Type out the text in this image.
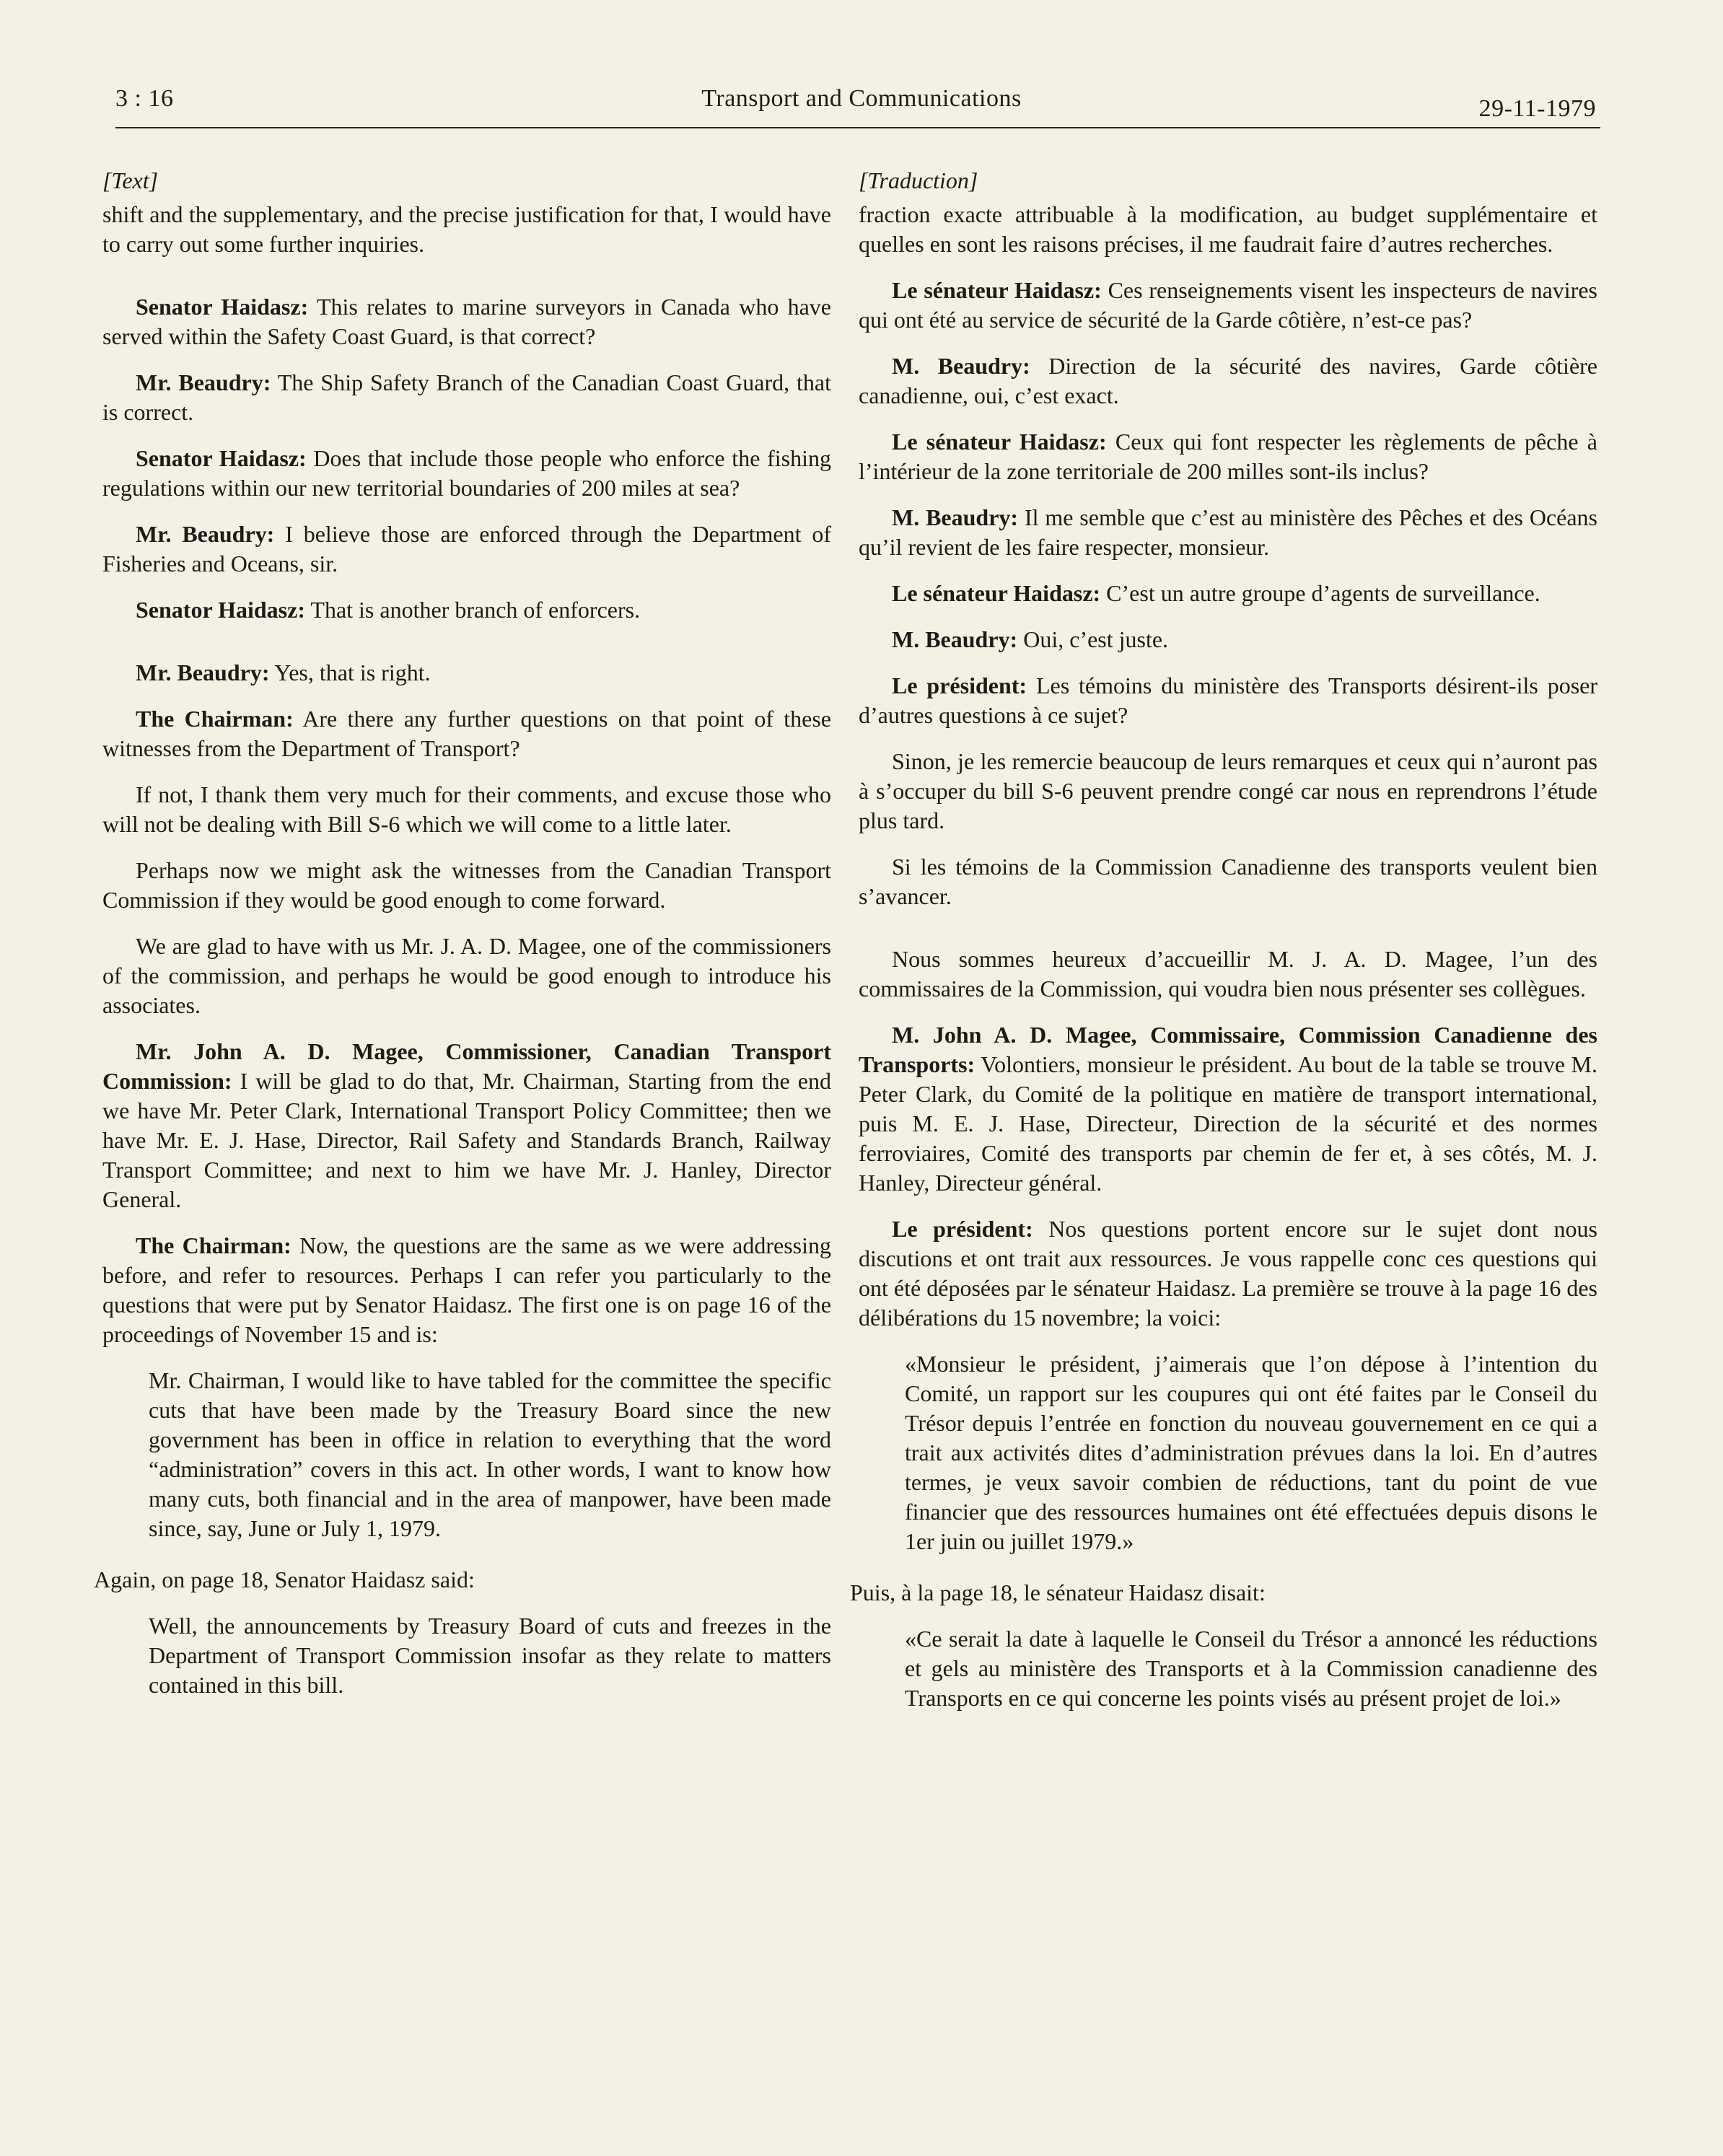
3 : 16	Transport and Communications	29-11-1979

[Text]

shift and the supplementary, and the precise justification for that, I would have to carry out some further inquiries.

Senator Haidasz: This relates to marine surveyors in Canada who have served within the Safety Coast Guard, is that correct?

Mr. Beaudry: The Ship Safety Branch of the Canadian Coast Guard, that is correct.

Senator Haidasz: Does that include those people who enforce the fishing regulations within our new territorial boundaries of 200 miles at sea?

Mr. Beaudry: I believe those are enforced through the Department of Fisheries and Oceans, sir.

Senator Haidasz: That is another branch of enforcers.

Mr. Beaudry: Yes, that is right.

The Chairman: Are there any further questions on that point of these witnesses from the Department of Transport?

If not, I thank them very much for their comments, and excuse those who will not be dealing with Bill S-6 which we will come to a little later.

Perhaps now we might ask the witnesses from the Canadian Transport Commission if they would be good enough to come forward.

We are glad to have with us Mr. J. A. D. Magee, one of the commissioners of the commission, and perhaps he would be good enough to introduce his associates.

Mr. John A. D. Magee, Commissioner, Canadian Transport Commission: I will be glad to do that, Mr. Chairman, Starting from the end we have Mr. Peter Clark, International Transport Policy Committee; then we have Mr. E. J. Hase, Director, Rail Safety and Standards Branch, Railway Transport Committee; and next to him we have Mr. J. Hanley, Director General.

The Chairman: Now, the questions are the same as we were addressing before, and refer to resources. Perhaps I can refer you particularly to the questions that were put by Senator Haidasz. The first one is on page 16 of the proceedings of November 15 and is:

Mr. Chairman, I would like to have tabled for the committee the specific cuts that have been made by the Treasury Board since the new government has been in office in relation to everything that the word “administration” covers in this act. In other words, I want to know how many cuts, both financial and in the area of manpower, have been made since, say, June or July 1, 1979.

Again, on page 18, Senator Haidasz said:

Well, the announcements by Treasury Board of cuts and freezes in the Department of Transport Commission insofar as they relate to matters contained in this bill.

[Traduction]

fraction exacte attribuable à la modification, au budget supplémentaire et quelles en sont les raisons précises, il me faudrait faire d’autres recherches.

Le sénateur Haidasz: Ces renseignements visent les inspecteurs de navires qui ont été au service de sécurité de la Garde côtière, n’est-ce pas?

M. Beaudry: Direction de la sécurité des navires, Garde côtière canadienne, oui, c’est exact.

Le sénateur Haidasz: Ceux qui font respecter les règlements de pêche à l’intérieur de la zone territoriale de 200 milles sont-ils inclus?

M. Beaudry: Il me semble que c’est au ministère des Pêches et des Océans qu’il revient de les faire respecter, monsieur.

Le sénateur Haidasz: C’est un autre groupe d’agents de surveillance.

M. Beaudry: Oui, c’est juste.

Le président: Les témoins du ministère des Transports désirent-ils poser d’autres questions à ce sujet?

Sinon, je les remercie beaucoup de leurs remarques et ceux qui n’auront pas à s’occuper du bill S-6 peuvent prendre congé car nous en reprendrons l’étude plus tard.

Si les témoins de la Commission Canadienne des transports veulent bien s’avancer.

Nous sommes heureux d’accueillir M. J. A. D. Magee, l’un des commissaires de la Commission, qui voudra bien nous présenter ses collègues.

M. John A. D. Magee, Commissaire, Commission Canadienne des Transports: Volontiers, monsieur le président. Au bout de la table se trouve M. Peter Clark, du Comité de la politique en matière de transport international, puis M. E. J. Hase, Directeur, Direction de la sécurité et des normes ferroviaires, Comité des transports par chemin de fer et, à ses côtés, M. J. Hanley, Directeur général.

Le président: Nos questions portent encore sur le sujet dont nous discutions et ont trait aux ressources. Je vous rappelle conc ces questions qui ont été déposées par le sénateur Haidasz. La première se trouve à la page 16 des délibérations du 15 novembre; la voici:

«Monsieur le président, j’aimerais que l’on dépose à l’intention du Comité, un rapport sur les coupures qui ont été faites par le Conseil du Trésor depuis l’entrée en fonction du nouveau gouvernement en ce qui a trait aux activités dites d’administration prévues dans la loi. En d’autres termes, je veux savoir combien de réductions, tant du point de vue financier que des ressources humaines ont été effectuées depuis disons le 1er juin ou juillet 1979.»

Puis, à la page 18, le sénateur Haidasz disait:

«Ce serait la date à laquelle le Conseil du Trésor a annoncé les réductions et gels au ministère des Transports et à la Commission canadienne des Transports en ce qui concerne les points visés au présent projet de loi.»
